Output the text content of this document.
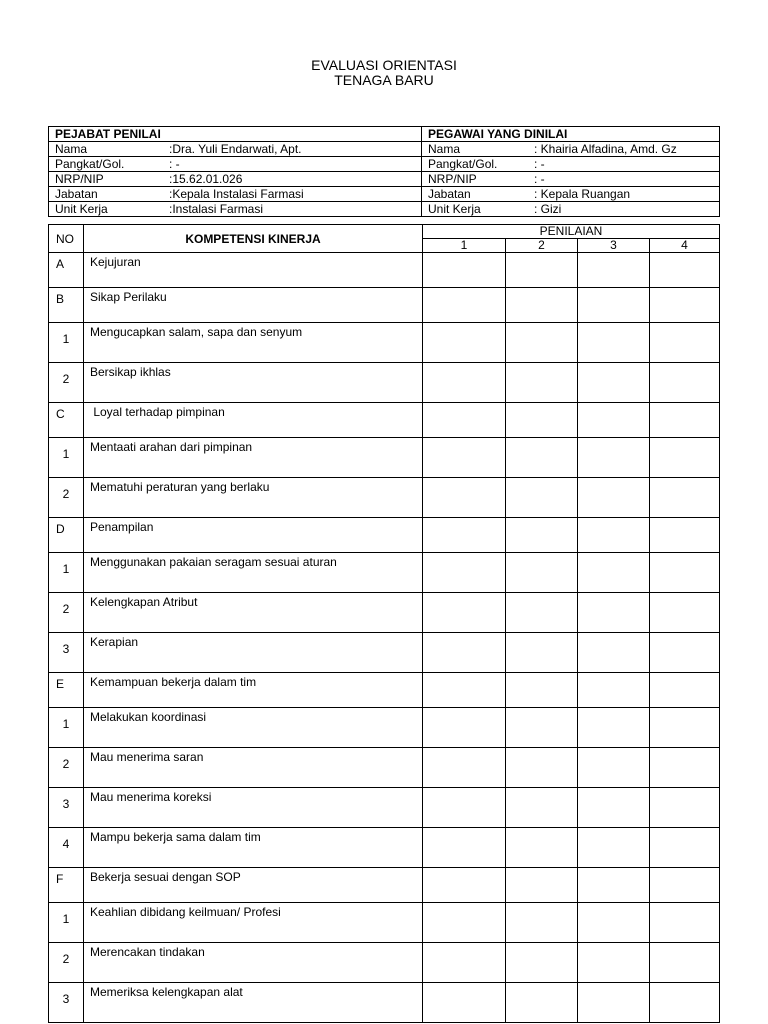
EVALUASI ORIENTASI
TENAGA BARU
PEJABAT PENILAI	PEGAWAI YANG DINILAI
Nama :Dra. Yuli Endarwati, Apt.	Nama : Khairia Alfadina, Amd. Gz
Pangkat/Gol. : -	Pangkat/Gol. : -
NRP/NIP :15.62.01.026	NRP/NIP : -
Jabatan :Kepala Instalasi Farmasi	Jabatan : Kepala Ruangan
Unit Kerja :Instalasi Farmasi	Unit Kerja : Gizi
NO	KOMPETENSI KINERJA	PENILAIAN			
		1	2	3	4
A	Kejujuran				
B	Sikap Perilaku				
1	Mengucapkan salam, sapa dan senyum				
2	Bersikap ikhlas				
C	Loyal terhadap pimpinan				
1	Mentaati arahan dari pimpinan				
2	Mematuhi peraturan yang berlaku				
D	Penampilan				
1	Menggunakan pakaian seragam sesuai aturan				
2	Kelengkapan Atribut				
3	Kerapian				
E	Kemampuan bekerja dalam tim				
1	Melakukan koordinasi				
2	Mau menerima saran				
3	Mau menerima koreksi				
4	Mampu bekerja sama dalam tim				
F	Bekerja sesuai dengan SOP				
1	Keahlian dibidang keilmuan/ Profesi				
2	Merencakan tindakan				
3	Memeriksa kelengkapan alat				
